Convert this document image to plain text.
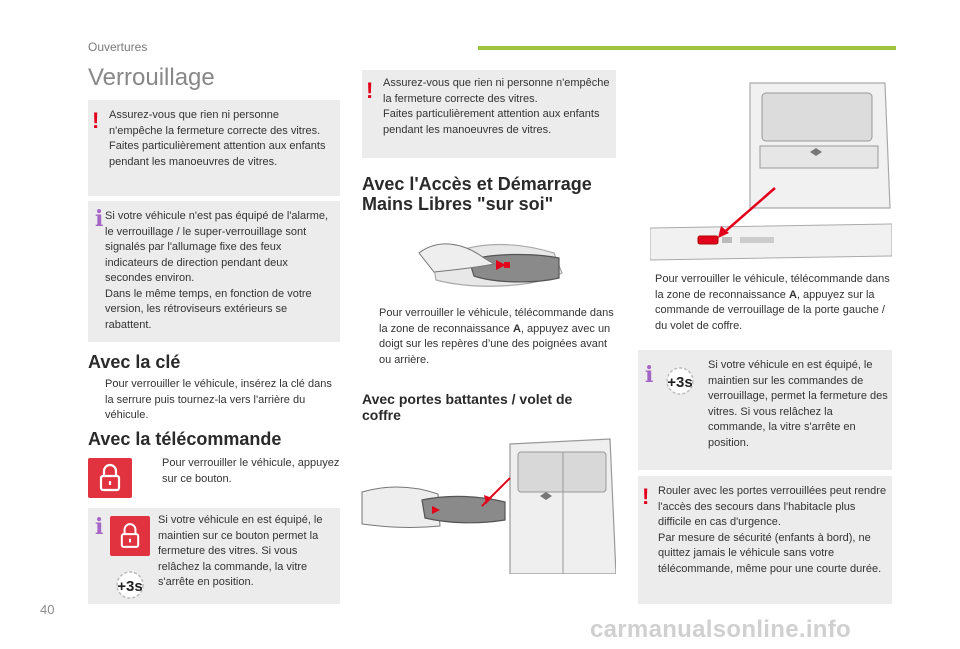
Ouvertures
Verrouillage
! Assurez-vous que rien ni personne n'empêche la fermeture correcte des vitres.
Faites particulièrement attention aux enfants pendant les manoeuvres de vitres.
i Si votre véhicule n'est pas équipé de l'alarme, le verrouillage / le super-verrouillage sont signalés par l'allumage fixe des feux indicateurs de direction pendant deux secondes environ.
Dans le même temps, en fonction de votre version, les rétroviseurs extérieurs se rabattent.
Avec la clé
Pour verrouiller le véhicule, insérez la clé dans la serrure puis tournez-la vers l'arrière du véhicule.
Avec la télécommande
Pour verrouiller le véhicule, appuyez sur ce bouton.
i
+3s
Si votre véhicule en est équipé, le maintien sur ce bouton permet la fermeture des vitres. Si vous relâchez la commande, la vitre s'arrête en position.
! Assurez-vous que rien ni personne n'empêche la fermeture correcte des vitres.
Faites particulièrement attention aux enfants pendant les manoeuvres de vitres.
Avec l'Accès et Démarrage Mains Libres "sur soi"
Pour verrouiller le véhicule, télécommande dans la zone de reconnaissance A, appuyez avec un doigt sur les repères d’une des poignées avant ou arrière.
Avec portes battantes / volet de coffre
Pour verrouiller le véhicule, télécommande dans la zone de reconnaissance A, appuyez sur la commande de verrouillage de la porte gauche / du volet de coffre.
i +3s
Si votre véhicule en est équipé, le maintien sur les commandes de verrouillage, permet la fermeture des vitres. Si vous relâchez la commande, la vitre s'arrête en position.
! Rouler avec les portes verrouillées peut rendre l'accès des secours dans l'habitacle plus difficile en cas d'urgence.
Par mesure de sécurité (enfants à bord), ne quittez jamais le véhicule sans votre télécommande, même pour une courte durée.
40
carmanualsonline.info
